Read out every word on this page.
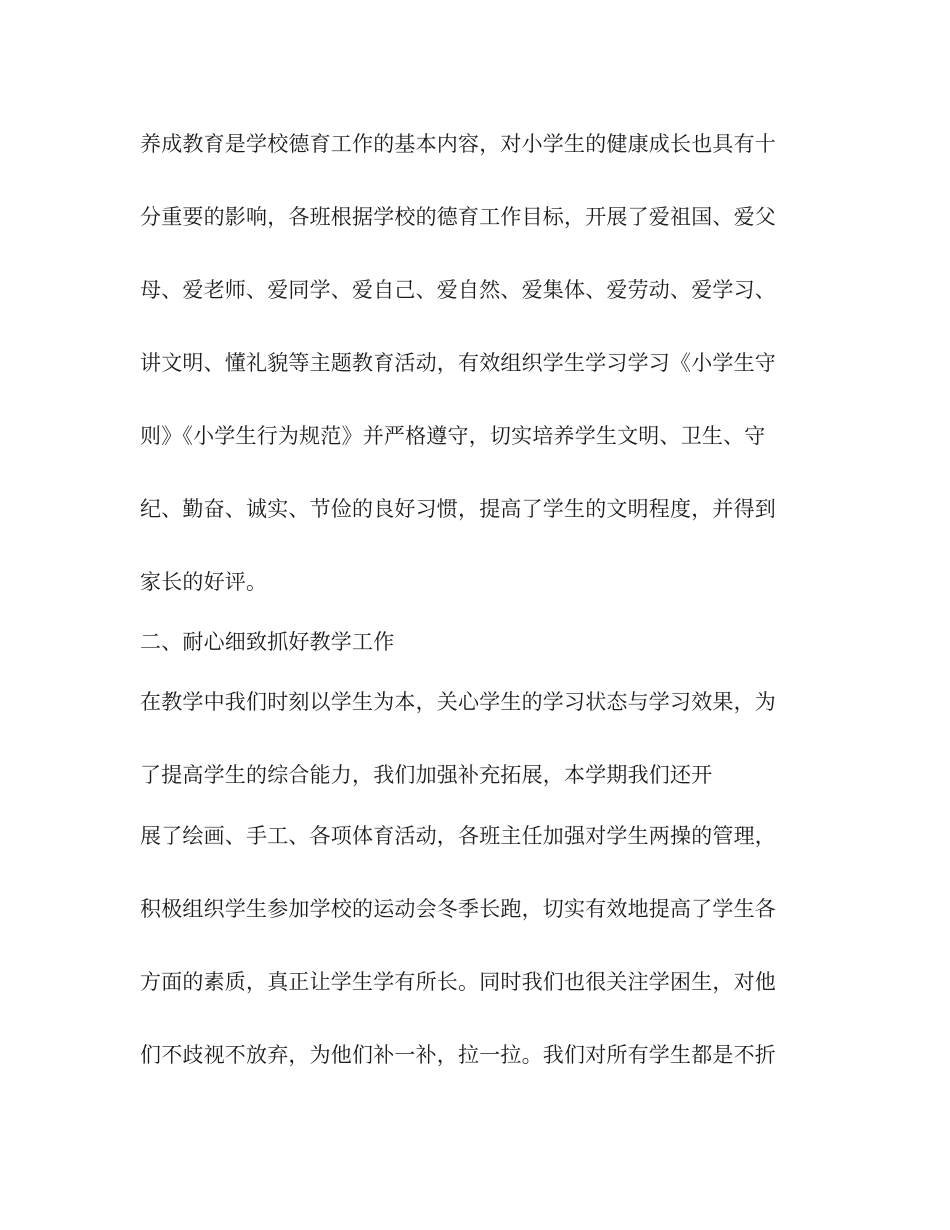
养成教育是学校德育工作的基本内容，对小学生的健康成长也具有十
分重要的影响，各班根据学校的德育工作目标，开展了爱祖国、爱父
母、爱老师、爱同学、爱自己、爱自然、爱集体、爱劳动、爱学习、
讲文明、懂礼貌等主题教育活动，有效组织学生学习学习《小学生守
则》《小学生行为规范》并严格遵守，切实培养学生文明、卫生、守
纪、勤奋、诚实、节俭的良好习惯，提高了学生的文明程度，并得到
家长的好评。
二、耐心细致抓好教学工作
在教学中我们时刻以学生为本，关心学生的学习状态与学习效果，为
了提高学生的综合能力，我们加强补充拓展，本学期我们还开
展了绘画、手工、各项体育活动，各班主任加强对学生两操的管理，
积极组织学生参加学校的运动会冬季长跑，切实有效地提高了学生各
方面的素质，真正让学生学有所长。同时我们也很关注学困生，对他
们不歧视不放弃，为他们补一补，拉一拉。我们对所有学生都是不折
